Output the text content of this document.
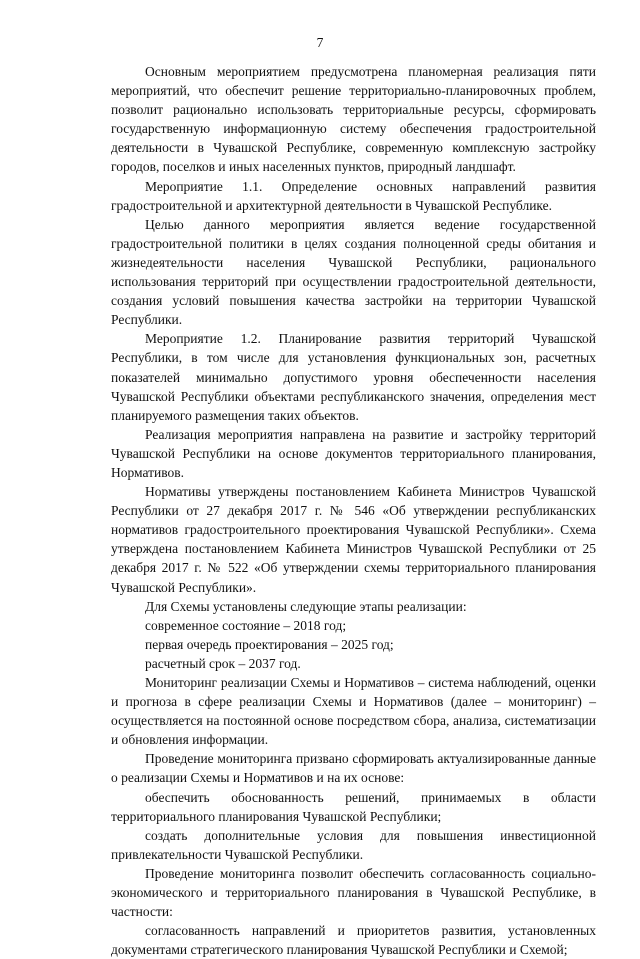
7

Основным мероприятием предусмотрена планомерная реализация пяти мероприятий, что обеспечит решение территориально-планировочных проблем, позволит рационально использовать территориальные ресурсы, сформировать государственную информационную систему обеспечения градостроительной деятельности в Чувашской Республике, современную комплексную застройку городов, поселков и иных населенных пунктов, природный ландшафт.

Мероприятие 1.1. Определение основных направлений развития градостроительной и архитектурной деятельности в Чувашской Республике.

Целью данного мероприятия является ведение государственной градостроительной политики в целях создания полноценной среды обитания и жизнедеятельности населения Чувашской Республики, рационального использования территорий при осуществлении градостроительной деятельности, создания условий повышения качества застройки на территории Чувашской Республики.

Мероприятие 1.2. Планирование развития территорий Чувашской Республики, в том числе для установления функциональных зон, расчетных показателей минимально допустимого уровня обеспеченности населения Чувашской Республики объектами республиканского значения, определения мест планируемого размещения таких объектов.

Реализация мероприятия направлена на развитие и застройку территорий Чувашской Республики на основе документов территориального планирования, Нормативов.

Нормативы утверждены постановлением Кабинета Министров Чувашской Республики от 27 декабря 2017 г. № 546 «Об утверждении республиканских нормативов градостроительного проектирования Чувашской Республики». Схема утверждена постановлением Кабинета Министров Чувашской Республики от 25 декабря 2017 г. № 522 «Об утверждении схемы территориального планирования Чувашской Республики».

Для Схемы установлены следующие этапы реализации:

современное состояние – 2018 год;

первая очередь проектирования – 2025 год;

расчетный срок – 2037 год.

Мониторинг реализации Схемы и Нормативов – система наблюдений, оценки и прогноза в сфере реализации Схемы и Нормативов (далее – мониторинг) – осуществляется на постоянной основе посредством сбора, анализа, систематизации и обновления информации.

Проведение мониторинга призвано сформировать актуализированные данные о реализации Схемы и Нормативов и на их основе:

обеспечить обоснованность решений, принимаемых в области территориального планирования Чувашской Республики;

создать дополнительные условия для повышения инвестиционной привлекательности Чувашской Республики.

Проведение мониторинга позволит обеспечить согласованность социально-экономического и территориального планирования в Чувашской Республике, в частности:

согласованность направлений и приоритетов развития, установленных документами стратегического планирования Чувашской Республики и Схемой;
